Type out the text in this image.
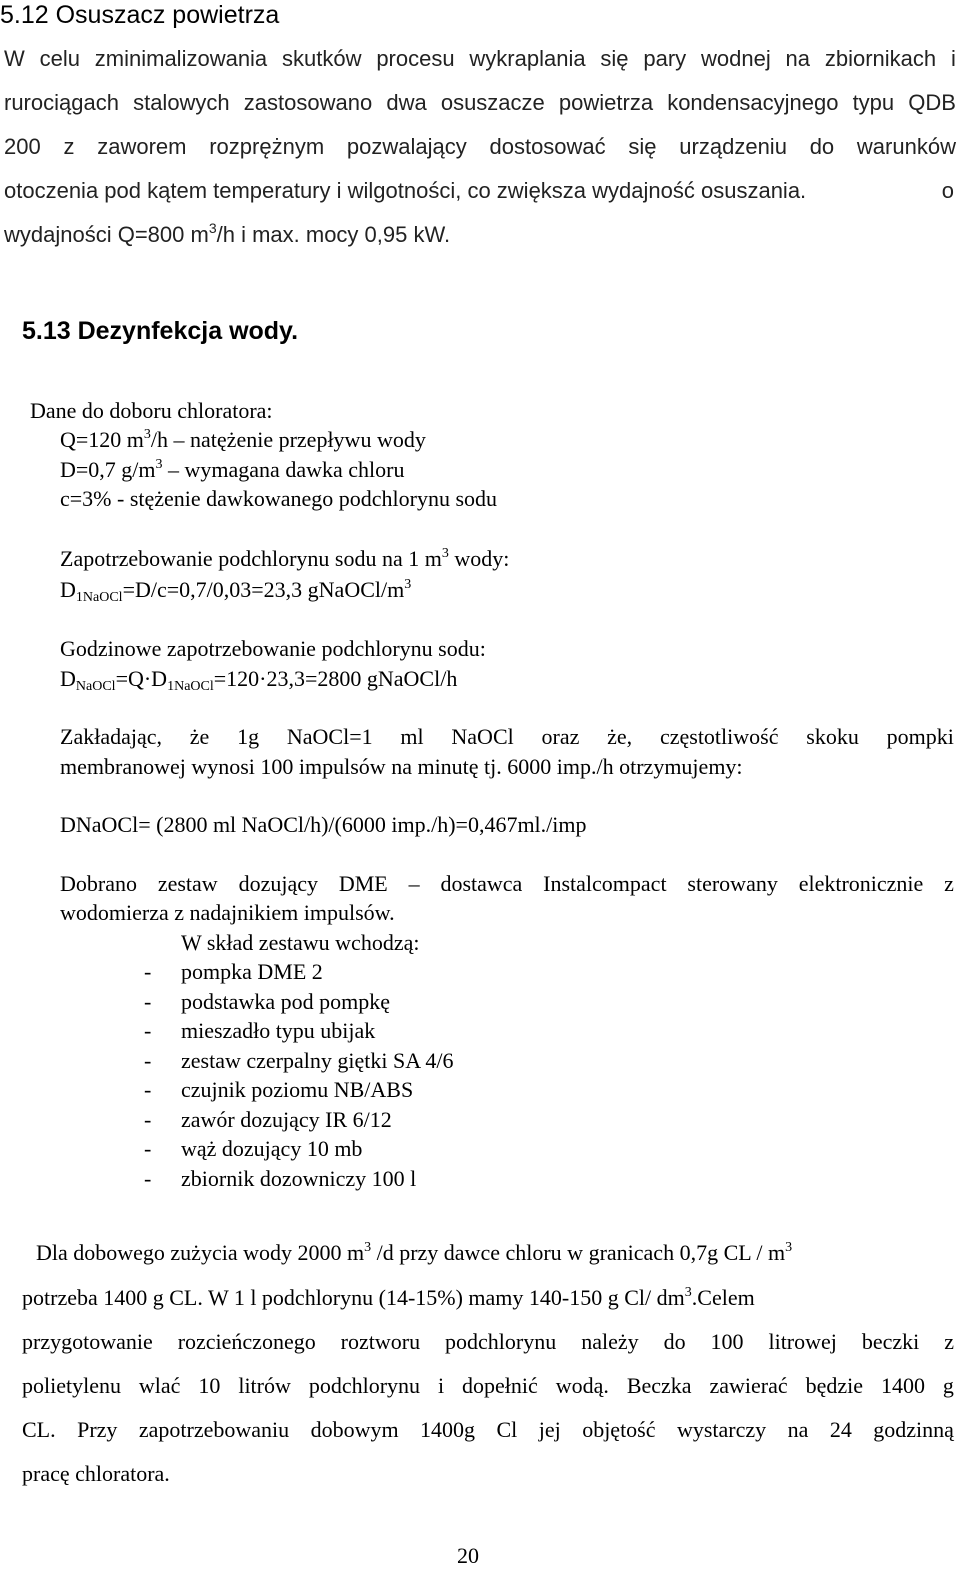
5.12 Osuszacz powietrza
W celu zminimalizowania skutków procesu wykraplania się pary wodnej na zbiornikach i
rurociągach stalowych zastosowano dwa osuszacze powietrza kondensacyjnego typu QDB
200 z zaworem rozprężnym pozwalający dostosować się urządzeniu do warunków
otoczenia pod kątem temperatury i wilgotności, co zwiększa wydajność osuszania.	o
wydajności Q=800 $m^3/h$ i max. mocy 0,95 kW.
5.13 Dezynfekcja wody.
Dane do doboru chloratora:
Q=120 $m^3/h$ – natężenie przepływu wody
D=0,7 $g/m^3$ – wymagana dawka chloru
c=3% - stężenie dawkowanego podchlorynu sodu
Zapotrzebowanie podchlorynu sodu na 1 $m^3$ wody:
$D_{1NaOCl}=D/c=0,7/0,03=23,3$ gNaOCl/$m^3$
Godzinowe zapotrzebowanie podchlorynu sodu:
$D_{NaOCl}=Q\cdot D_{1NaOCl}=120\cdot 23,3=2800$ gNaOCl/h
Zakładając, że 1g NaOCl=1 ml NaOCl oraz że, częstotliwość skoku pompki
membranowej wynosi 100 impulsów na minutę tj. 6000 imp./h otrzymujemy:
DNaOCl= (2800 ml NaOCl/h)/(6000 imp./h)=0,467ml./imp
Dobrano zestaw dozujący DME – dostawca Instalcompact sterowany elektronicznie z
wodomierza z nadajnikiem impulsów.
W skład zestawu wchodzą:
- pompka DME 2
- podstawka pod pompkę
- mieszadło typu ubijak
- zestaw czerpalny giętki SA 4/6
- czujnik poziomu NB/ABS
- zawór dozujący IR 6/12
- wąż dozujący 10 mb
- zbiornik dozowniczy 100 l
Dla dobowego zużycia wody 2000 $m^3$ /d przy dawce chloru w granicach 0,7g CL / $m^3$
potrzeba 1400 g CL. W 1 l podchlorynu (14-15%) mamy 140-150 g Cl/ $dm^3.Celem$
przygotowanie rozcieńczonego roztworu podchlorynu należy do 100 litrowej beczki z
polietylenu wlać 10 litrów podchlorynu i dopełnić wodą. Beczka zawierać będzie 1400 g
CL. Przy zapotrzebowaniu dobowym 1400g Cl jej objętość wystarczy na 24 godzinną
pracę chloratora.
20
